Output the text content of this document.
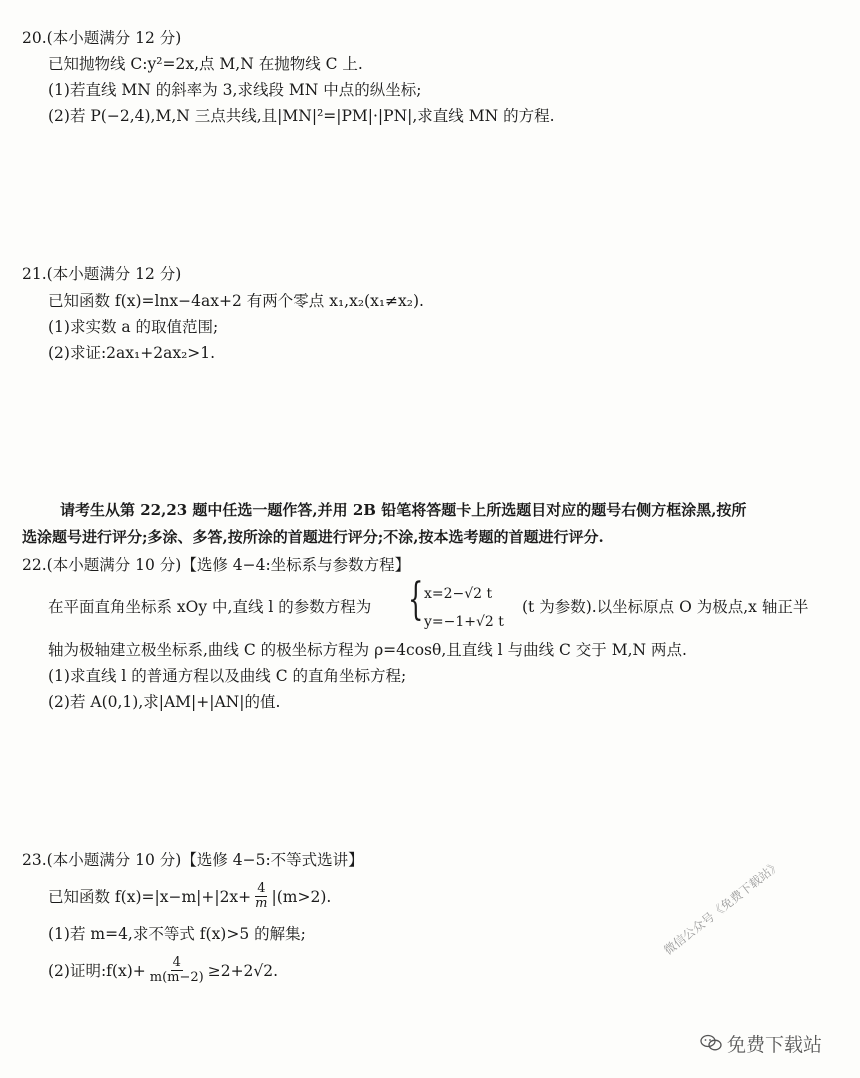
20.(本小题满分 12 分)
已知抛物线 C:y²=2x,点 M,N 在抛物线 C 上.
(1)若直线 MN 的斜率为 3,求线段 MN 中点的纵坐标;
(2)若 P(−2,4),M,N 三点共线,且|MN|²=|PM|·|PN|,求直线 MN 的方程.
21.(本小题满分 12 分)
已知函数 f(x)=lnx−4ax+2 有两个零点 x₁,x₂(x₁≠x₂).
(1)求实数 a 的取值范围;
(2)求证:2ax₁+2ax₂>1.
请考生从第 22,23 题中任选一题作答,并用 2B 铅笔将答题卡上所选题目对应的题号右侧方框涂黑,按所
选涂题号进行评分;多涂、多答,按所涂的首题进行评分;不涂,按本选考题的首题进行评分.
22.(本小题满分 10 分)【选修 4−4:坐标系与参数方程】
在平面直角坐标系 xOy 中,直线 l 的参数方程为 { x=2−√2 t
y=−1+√2 t
(t 为参数).以坐标原点 O 为极点,x 轴正半
轴为极轴建立极坐标系,曲线 C 的极坐标方程为 ρ=4cosθ,且直线 l 与曲线 C 交于 M,N 两点.
(1)求直线 l 的普通方程以及曲线 C 的直角坐标方程;
(2)若 A(0,1),求|AM|+|AN|的值.
23.(本小题满分 10 分)【选修 4−5:不等式选讲】
已知函数 $f(x)=|x-m|+|2x+ \frac{4}{m} |(m>2)$.
(1)若 m=4,求不等式 f(x)>5 的解集;
(2)证明:f(x)+ $\frac{4}{m(m-2)} \ge 2+2√2$.
微信公众号《免费下载站》
免费下载站
